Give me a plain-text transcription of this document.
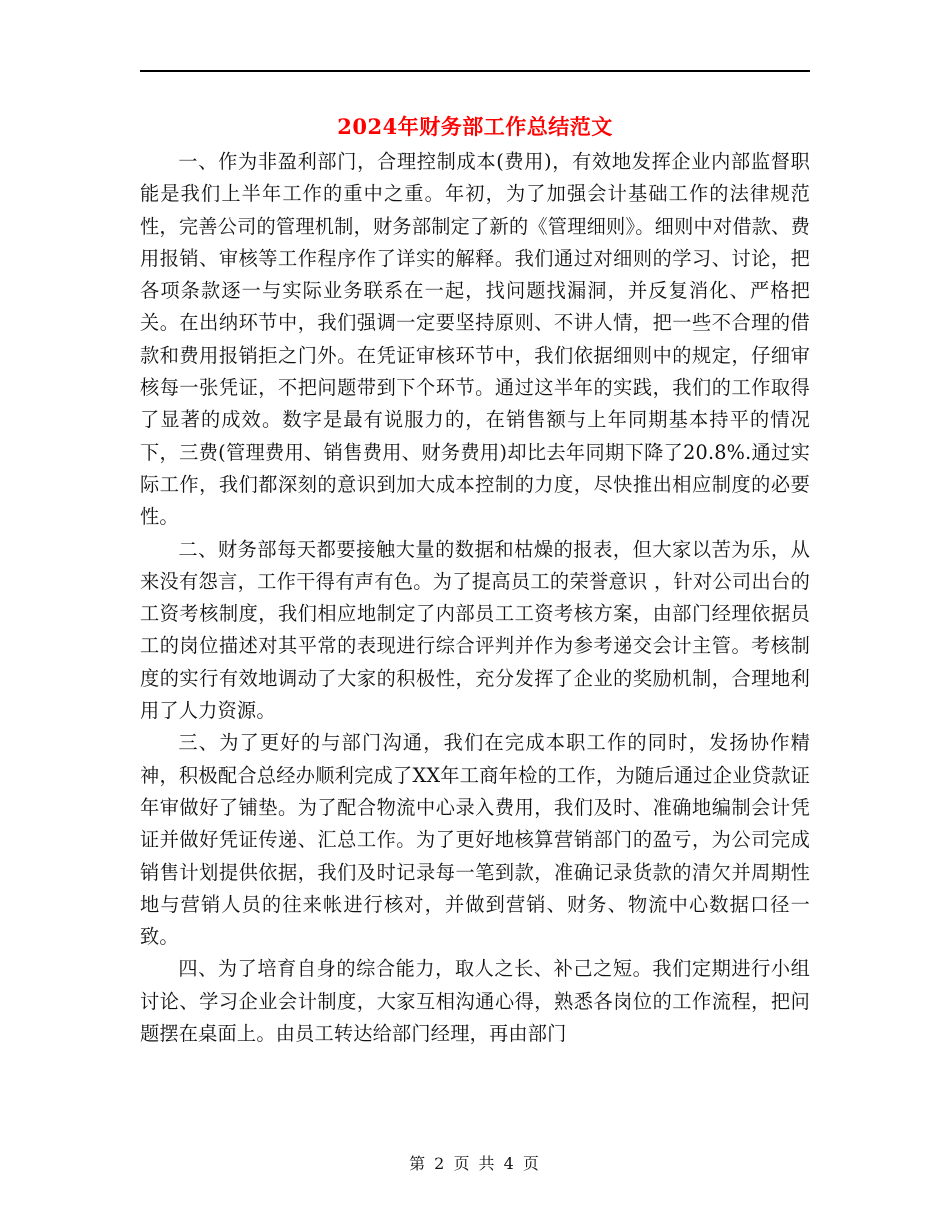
2024年财务部工作总结范文

一、作为非盈利部门，合理控制成本(费用)，有效地发挥企业内部监督职能是我们上半年工作的重中之重。年初，为了加强会计基础工作的法律规范性，完善公司的管理机制，财务部制定了新的《管理细则》。细则中对借款、费用报销、审核等工作程序作了详实的解释。我们通过对细则的学习、讨论，把各项条款逐一与实际业务联系在一起，找问题找漏洞，并反复消化、严格把关。在出纳环节中，我们强调一定要坚持原则、不讲人情，把一些不合理的借款和费用报销拒之门外。在凭证审核环节中，我们依据细则中的规定，仔细审核每一张凭证，不把问题带到下个环节。通过这半年的实践，我们的工作取得了显著的成效。数字是最有说服力的，在销售额与上年同期基本持平的情况下，三费(管理费用、销售费用、财务费用)却比去年同期下降了20.8%.通过实际工作，我们都深刻的意识到加大成本控制的力度，尽快推出相应制度的必要性。

二、财务部每天都要接触大量的数据和枯燥的报表，但大家以苦为乐，从来没有怨言，工作干得有声有色。为了提高员工的荣誉意识 ，针对公司出台的工资考核制度，我们相应地制定了内部员工工资考核方案，由部门经理依据员工的岗位描述对其平常的表现进行综合评判并作为参考递交会计主管。考核制度的实行有效地调动了大家的积极性，充分发挥了企业的奖励机制，合理地利用了人力资源。

三、为了更好的与部门沟通，我们在完成本职工作的同时，发扬协作精神，积极配合总经办顺利完成了XX年工商年检的工作，为随后通过企业贷款证年审做好了铺垫。为了配合物流中心录入费用，我们及时、准确地编制会计凭证并做好凭证传递、汇总工作。为了更好地核算营销部门的盈亏，为公司完成销售计划提供依据，我们及时记录每一笔到款，准确记录货款的清欠并周期性地与营销人员的往来帐进行核对，并做到营销、财务、物流中心数据口径一致。

四、为了培育自身的综合能力，取人之长、补己之短。我们定期进行小组讨论、学习企业会计制度，大家互相沟通心得，熟悉各岗位的工作流程，把问题摆在桌面上。由员工转达给部门经理，再由部门

第 2 页 共 4 页
